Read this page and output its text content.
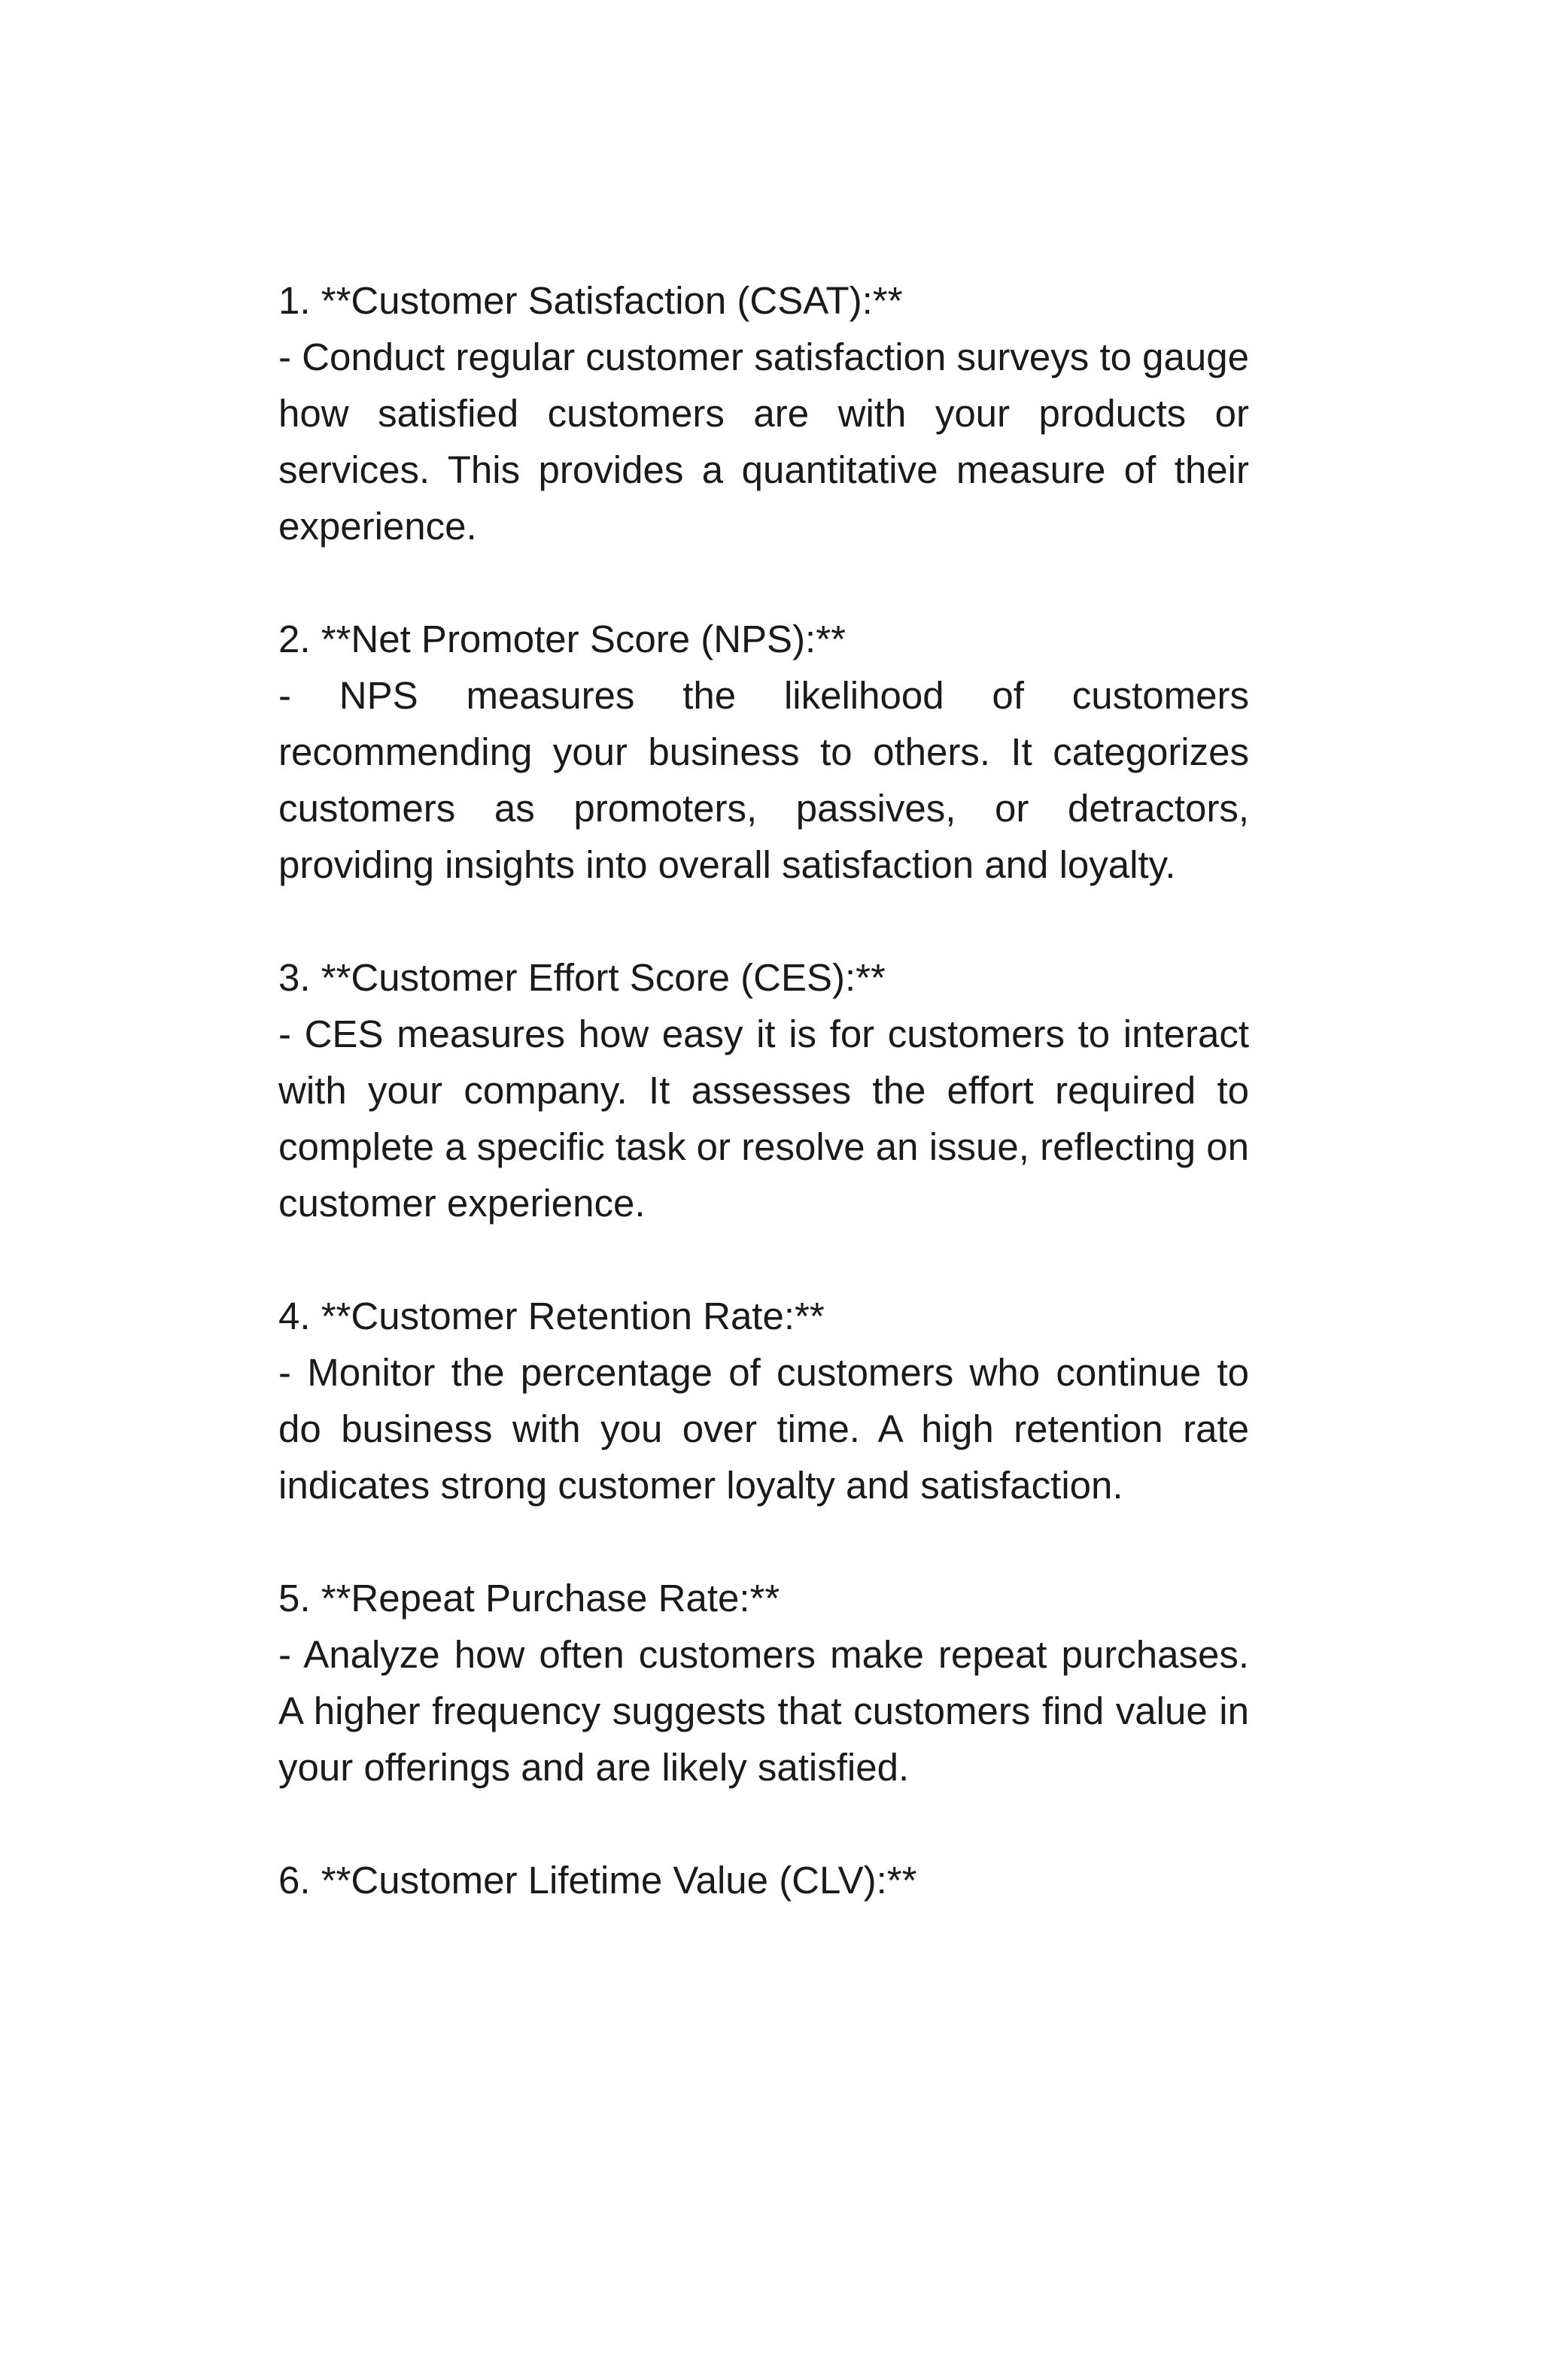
1. **Customer Satisfaction (CSAT):**

- Conduct regular customer satisfaction surveys to gauge how satisfied customers are with your products or services. This provides a quantitative measure of their experience.

2. **Net Promoter Score (NPS):**

- NPS measures the likelihood of customers recommending your business to others. It categorizes customers as promoters, passives, or detractors, providing insights into overall satisfaction and loyalty.

3. **Customer Effort Score (CES):**

- CES measures how easy it is for customers to interact with your company. It assesses the effort required to complete a specific task or resolve an issue, reflecting on customer experience.

4. **Customer Retention Rate:**

- Monitor the percentage of customers who continue to do business with you over time. A high retention rate indicates strong customer loyalty and satisfaction.

5. **Repeat Purchase Rate:**

- Analyze how often customers make repeat purchases. A higher frequency suggests that customers find value in your offerings and are likely satisfied.

6. **Customer Lifetime Value (CLV):**
